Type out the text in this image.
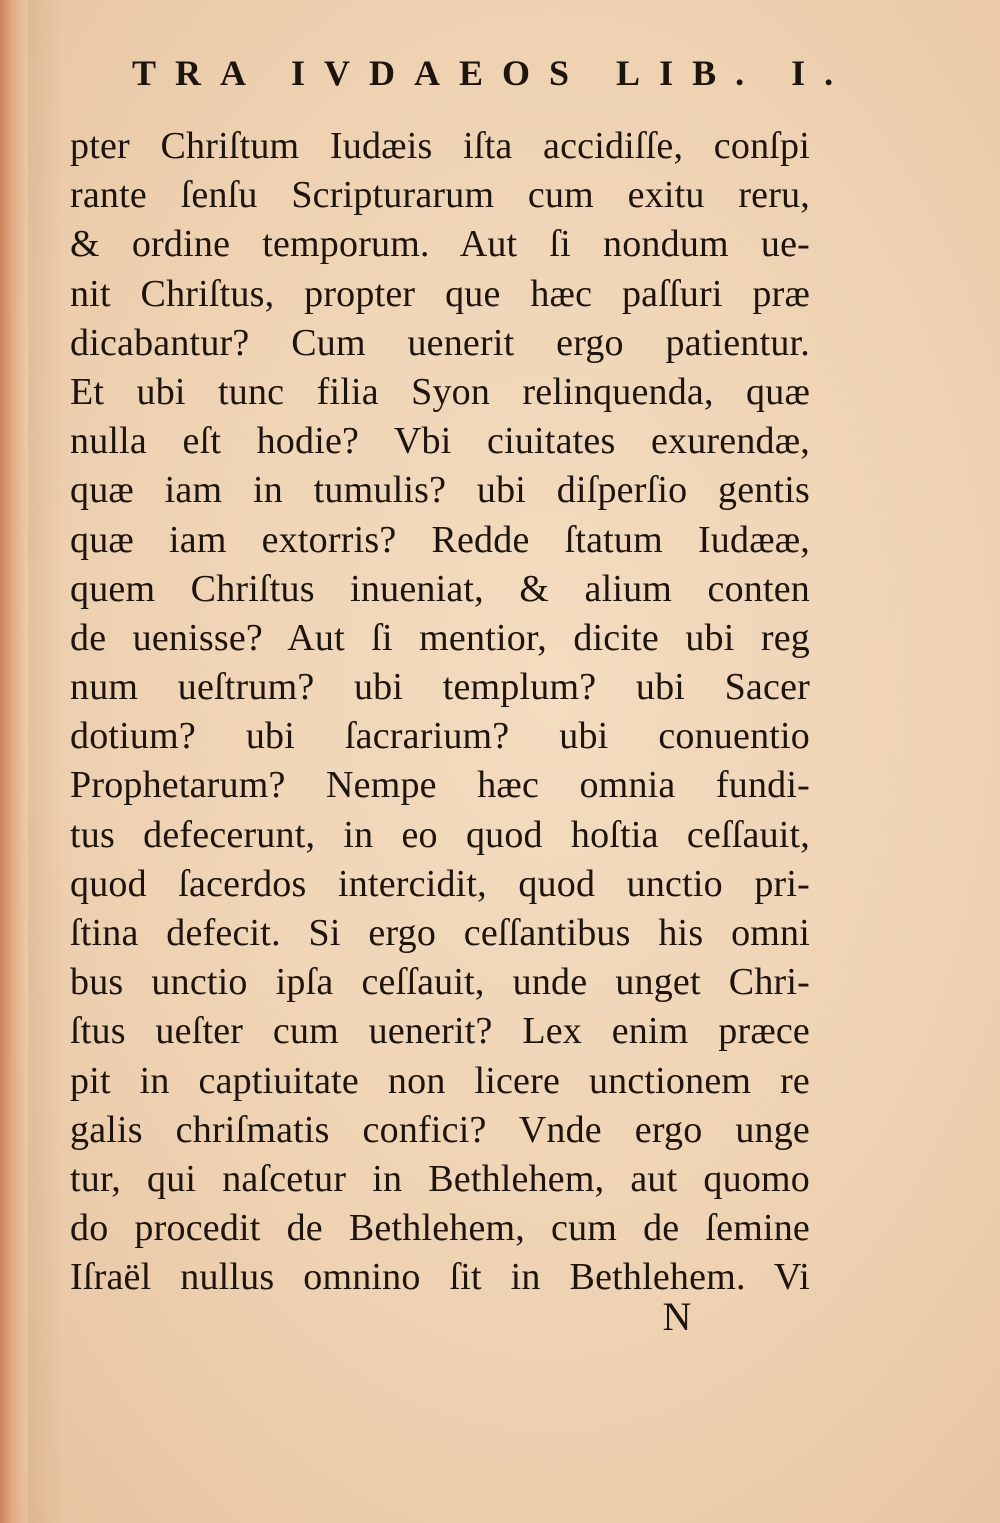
TRA IVDAEOS LIB. I.
pter Chriſtum Iudæis iſta accidiſſe, conſpi
rante ſenſu Scripturarum cum exitu reru,
& ordine temporum. Aut ſi nondum ue-
nit Chriſtus, propter que hæc paſſuri præ
dicabantur? Cum uenerit ergo patientur.
Et ubi tunc filia Syon relinquenda, quæ
nulla eſt hodie? Vbi ciuitates exurendæ,
quæ iam in tumulis? ubi diſperſio gentis
quæ iam extorris? Redde ſtatum Iudææ,
quem Chriſtus inueniat, & alium conten
de uenisse? Aut ſi mentior, dicite ubi reg
num ueſtrum? ubi templum? ubi Sacer
dotium? ubi ſacrarium? ubi conuentio
Prophetarum? Nempe hæc omnia fundi-
tus defecerunt, in eo quod hoſtia ceſſauit,
quod ſacerdos intercidit, quod unctio pri-
ſtina defecit. Si ergo ceſſantibus his omni
bus unctio ipſa ceſſauit, unde unget Chri-
ſtus ueſter cum uenerit? Lex enim præce
pit in captiuitate non licere unctionem re
galis chriſmatis confici? Vnde ergo unge
tur, qui naſcetur in Bethlehem, aut quomo
do procedit de Bethlehem, cum de ſemine
Iſraël nullus omnino ſit in Bethlehem. Vi
N
